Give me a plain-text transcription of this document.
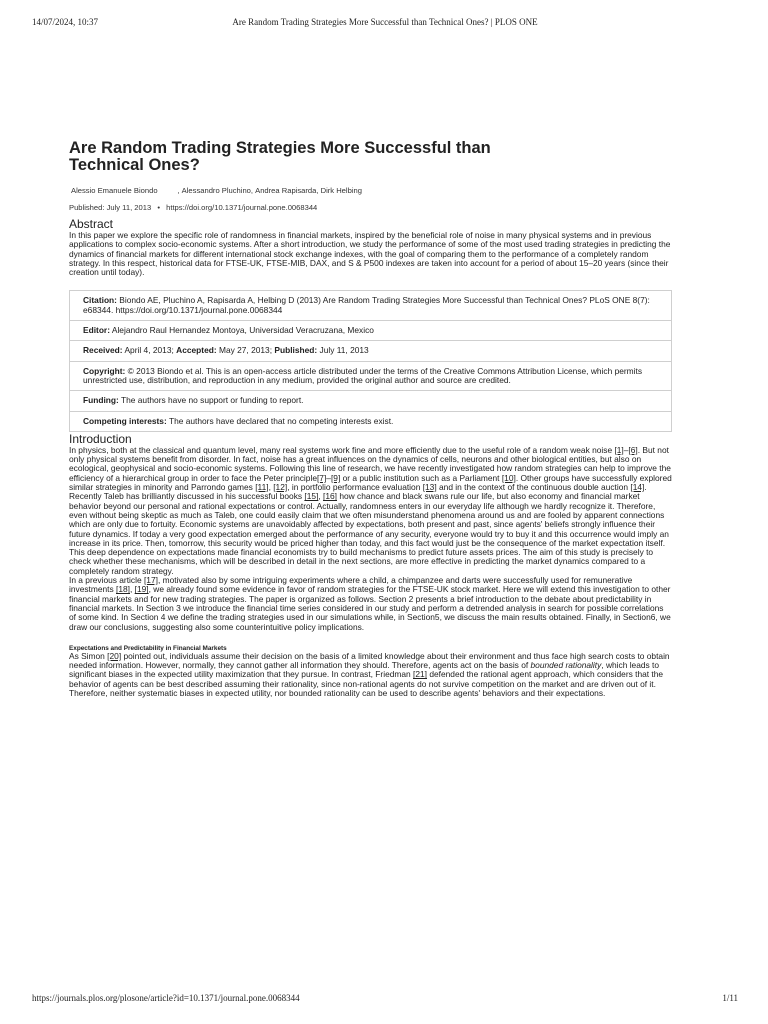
14/07/2024, 10:37	Are Random Trading Strategies More Successful than Technical Ones? | PLOS ONE
Are Random Trading Strategies More Successful than Technical Ones?
Alessio Emanuele Biondo	, Alessandro Pluchino , Andrea Rapisarda , Dirk Helbing
Published: July 11, 2013 • https://doi.org/10.1371/journal.pone.0068344
Abstract

In this paper we explore the specific role of randomness in financial markets, inspired by the beneficial role of noise in many physical systems and in previous applications to complex socio-economic systems. After a short introduction, we study the performance of some of the most used trading strategies in predicting the dynamics of financial markets for different international stock exchange indexes, with the goal of comparing them to the performance of a completely random strategy. In this respect, historical data for FTSE-UK, FTSE-MIB, DAX, and S & P500 indexes are taken into account for a period of about 15–20 years (since their creation until today).

Citation: Biondo AE, Pluchino A, Rapisarda A, Helbing D (2013) Are Random Trading Strategies More Successful than Technical Ones? PLoS ONE 8(7): e68344. https://doi.org/10.1371/journal.pone.0068344
Editor: Alejandro Raul Hernandez Montoya, Universidad Veracruzana, Mexico
Received: April 4, 2013; Accepted: May 27, 2013; Published: July 11, 2013
Copyright: © 2013 Biondo et al. This is an open-access article distributed under the terms of the Creative Commons Attribution License, which permits unrestricted use, distribution, and reproduction in any medium, provided the original author and source are credited.
Funding: The authors have no support or funding to report.
Competing interests: The authors have declared that no competing interests exist.
Introduction

In physics, both at the classical and quantum level, many real systems work fine and more efficiently due to the useful role of a random weak noise [1]–[6]. But not only physical systems benefit from disorder. In fact, noise has a great influences on the dynamics of cells, neurons and other biological entities, but also on ecological, geophysical and socio-economic systems. Following this line of research, we have recently investigated how random strategies can help to improve the efficiency of a hierarchical group in order to face the Peter principle[7]–[9] or a public institution such as a Parliament [10]. Other groups have successfully explored similar strategies in minority and Parrondo games [11], [12], in portfolio performance evaluation [13] and in the context of the continuous double auction [14].

Recently Taleb has brilliantly discussed in his successful books [15], [16] how chance and black swans rule our life, but also economy and financial market behavior beyond our personal and rational expectations or control. Actually, randomness enters in our everyday life although we hardly recognize it. Therefore, even without being skeptic as much as Taleb, one could easily claim that we often misunderstand phenomena around us and are fooled by apparent connections which are only due to fortuity. Economic systems are unavoidably affected by expectations, both present and past, since agents' beliefs strongly influence their future dynamics. If today a very good expectation emerged about the performance of any security, everyone would try to buy it and this occurrence would imply an increase in its price. Then, tomorrow, this security would be priced higher than today, and this fact would just be the consequence of the market expectation itself. This deep dependence on expectations made financial economists try to build mechanisms to predict future assets prices. The aim of this study is precisely to check whether these mechanisms, which will be described in detail in the next sections, are more effective in predicting the market dynamics compared to a completely random strategy.

In a previous article [17], motivated also by some intriguing experiments where a child, a chimpanzee and darts were successfully used for remunerative investments [18], [19], we already found some evidence in favor of random strategies for the FTSE-UK stock market. Here we will extend this investigation to other financial markets and for new trading strategies. The paper is organized as follows. Section 2 presents a brief introduction to the debate about predictability in financial markets. In Section 3 we introduce the financial time series considered in our study and perform a detrended analysis in search for possible correlations of some kind. In Section 4 we define the trading strategies used in our simulations while, in Section5, we discuss the main results obtained. Finally, in Section6, we draw our conclusions, suggesting also some counterintuitive policy implications.

Expectations and Predictability in Financial Markets

As Simon [20] pointed out, individuals assume their decision on the basis of a limited knowledge about their environment and thus face high search costs to obtain needed information. However, normally, they cannot gather all information they should. Therefore, agents act on the basis of bounded rationality, which leads to significant biases in the expected utility maximization that they pursue. In contrast, Friedman [21] defended the rational agent approach, which considers that the behavior of agents can be best described assuming their rationality, since non-rational agents do not survive competition on the market and are driven out of it. Therefore, neither systematic biases in expected utility, nor bounded rationality can be used to describe agents' behaviors and their expectations.

https://journals.plos.org/plosone/article?id=10.1371/journal.pone.0068344	1/11
